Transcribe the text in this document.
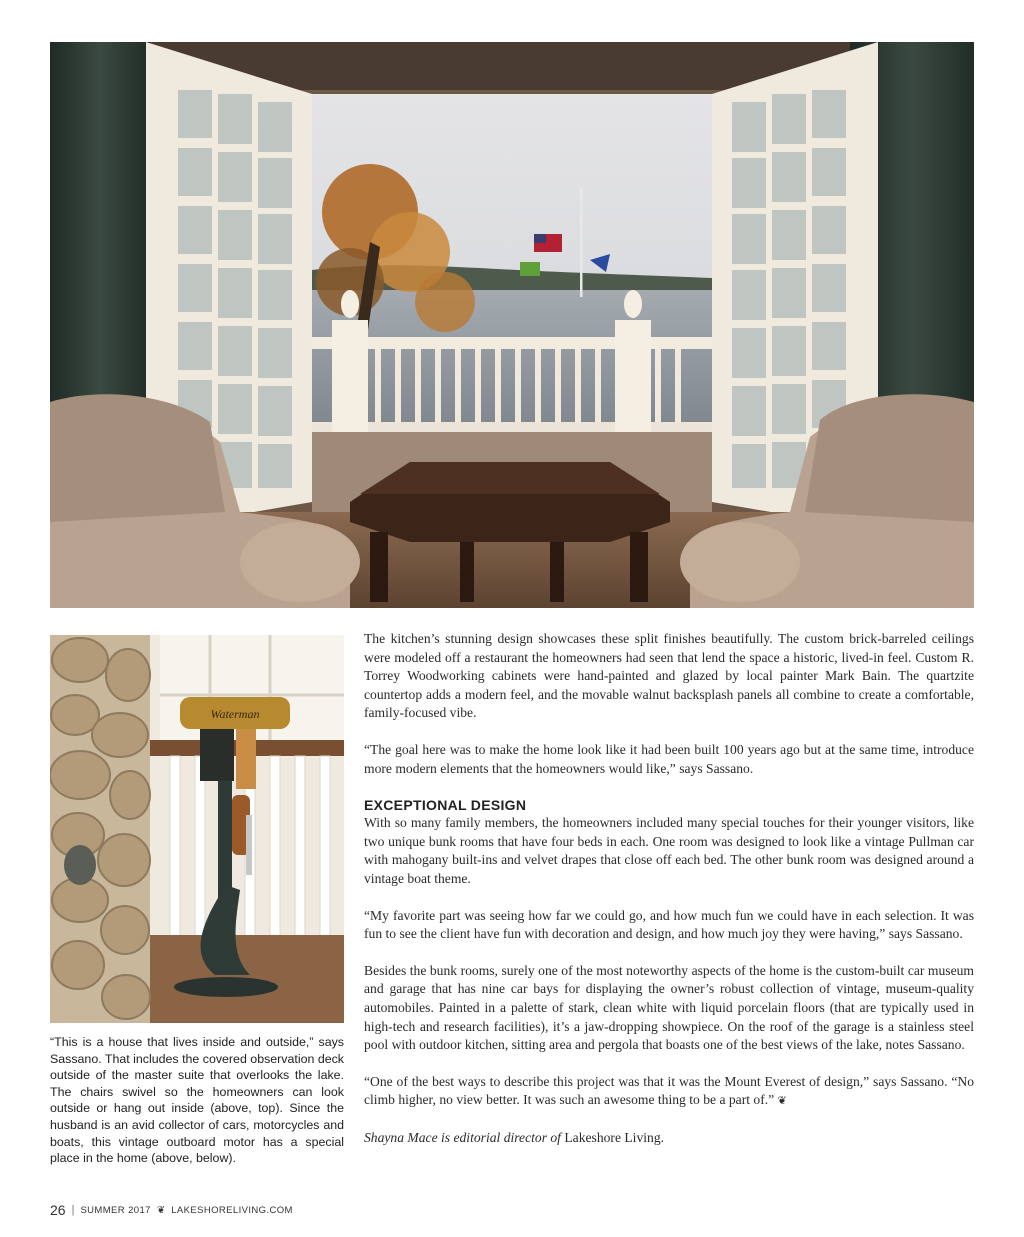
Waterman
“This is a house that lives inside and outside,” says Sassano. That includes the covered observation deck outside of the master suite that overlooks the lake. The chairs swivel so the homeowners can look outside or hang out inside (above, top). Since the husband is an avid collector of cars, motorcycles and boats, this vintage outboard motor has a special place in the home (above, below).

The kitchen’s stunning design showcases these split finishes beautifully. The custom brick-barreled ceilings were modeled off a restaurant the homeowners had seen that lend the space a historic, lived-in feel. Custom R. Torrey Woodworking cabinets were hand-painted and glazed by local painter Mark Bain. The quartzite countertop adds a modern feel, and the movable walnut backsplash panels all combine to create a comfortable, family-focused vibe.

“The goal here was to make the home look like it had been built 100 years ago but at the same time, introduce more modern elements that the homeowners would like,” says Sassano.

EXCEPTIONAL DESIGN

With so many family members, the homeowners included many special touches for their younger visitors, like two unique bunk rooms that have four beds in each. One room was designed to look like a vintage Pullman car with mahogany built-ins and velvet drapes that close off each bed. The other bunk room was designed around a vintage boat theme.

“My favorite part was seeing how far we could go, and how much fun we could have in each selection. It was fun to see the client have fun with decoration and design, and how much joy they were having,” says Sassano.

Besides the bunk rooms, surely one of the most noteworthy aspects of the home is the custom-built car museum and garage that has nine car bays for displaying the owner’s robust collection of vintage, museum-quality automobiles. Painted in a palette of stark, clean white with liquid porcelain floors (that are typically used in high-tech and research facilities), it’s a jaw-dropping showpiece. On the roof of the garage is a stainless steel pool with outdoor kitchen, sitting area and pergola that boasts one of the best views of the lake, notes Sassano.

“One of the best ways to describe this project was that it was the Mount Everest of design,” says Sassano. “No climb higher, no view better. It was such an awesome thing to be a part of.” ❦

Shayna Mace is editorial director of Lakeshore Living.

26 | SUMMER 2017 ❦ LAKESHORELIVING.COM
